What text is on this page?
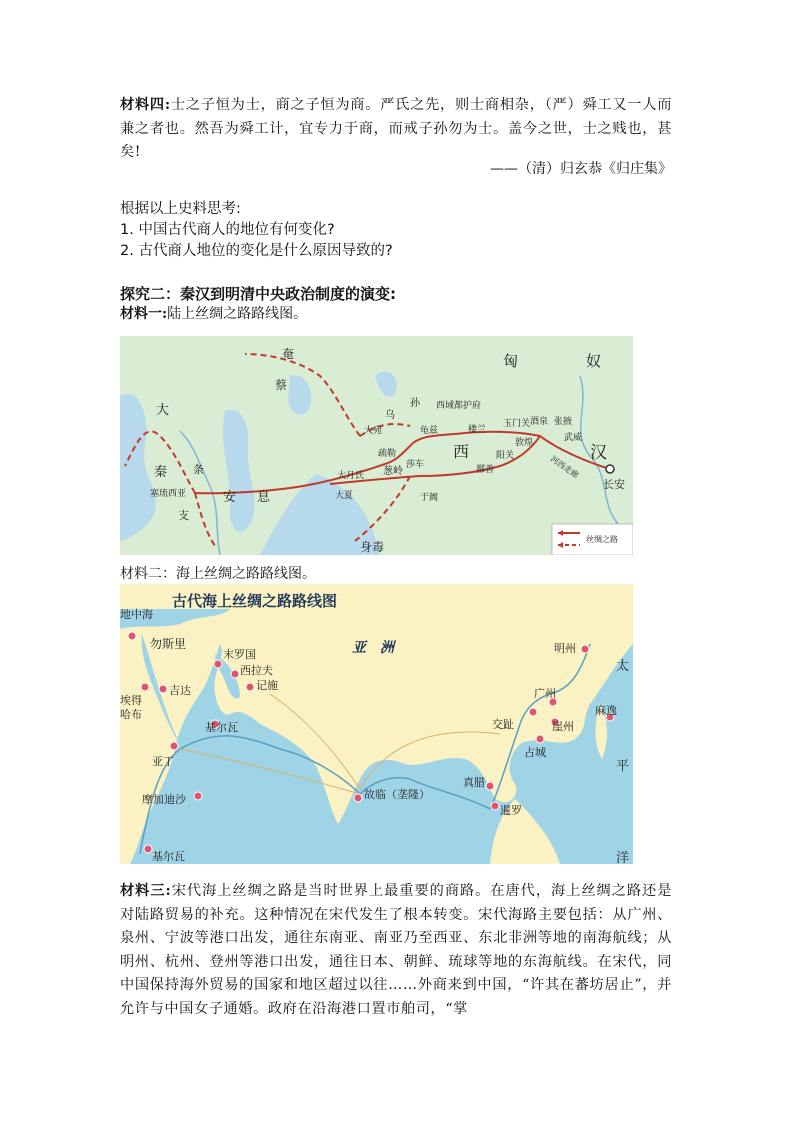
材料四:士之子恒为士，商之子恒为商。严氏之先，则士商相杂，（严）舜工又一人而兼之者也。然吾为舜工计，宜专力于商，而戒子孙勿为士。盖今之世，士之贱也，甚矣!
——（清）归玄恭《归庄集》
根据以上史料思考:
1. 中国古代商人的地位有何变化?
2. 古代商人地位的变化是什么原因导致的?
探究二：秦汉到明清中央政治制度的演变:
材料一:陆上丝绸之路路线图。
奄
蔡
大
秦 条
支
塞琉西亚	安 息
乌
孙
大宛
疏勒
大月氏
大夏
葱岭
莎车
于阗
身毒
西域都护府
龟兹	楼兰
玉门关
阳关
鄯善
敦煌
酒泉 张掖
武威
河西走廊
汉
长安
西
匈	奴
丝绸之路
材料二：海上丝绸之路路线图。
古代海上丝绸之路路线图
地中海
勿斯里
埃得
哈布
吉达
末罗国
西拉夫
记施
基尔瓦
亚丁
摩加迪沙
基尔瓦
亚　洲
故临（垄隆）
真腊
暹罗
明州
广州
交趾	崖州
占城
麻逸
太
平
洋
材料三:宋代海上丝绸之路是当时世界上最重要的商路。在唐代，海上丝绸之路还是对陆路贸易的补充。这种情况在宋代发生了根本转变。宋代海路主要包括：从广州、泉州、宁波等港口出发，通往东南亚、南亚乃至西亚、东北非洲等地的南海航线；从明州、杭州、登州等港口出发，通往日本、朝鲜、琉球等地的东海航线。在宋代，同中国保持海外贸易的国家和地区超过以往……外商来到中国，“许其在蕃坊居止”，并允许与中国女子通婚。政府在沿海港口置市舶司，“掌
